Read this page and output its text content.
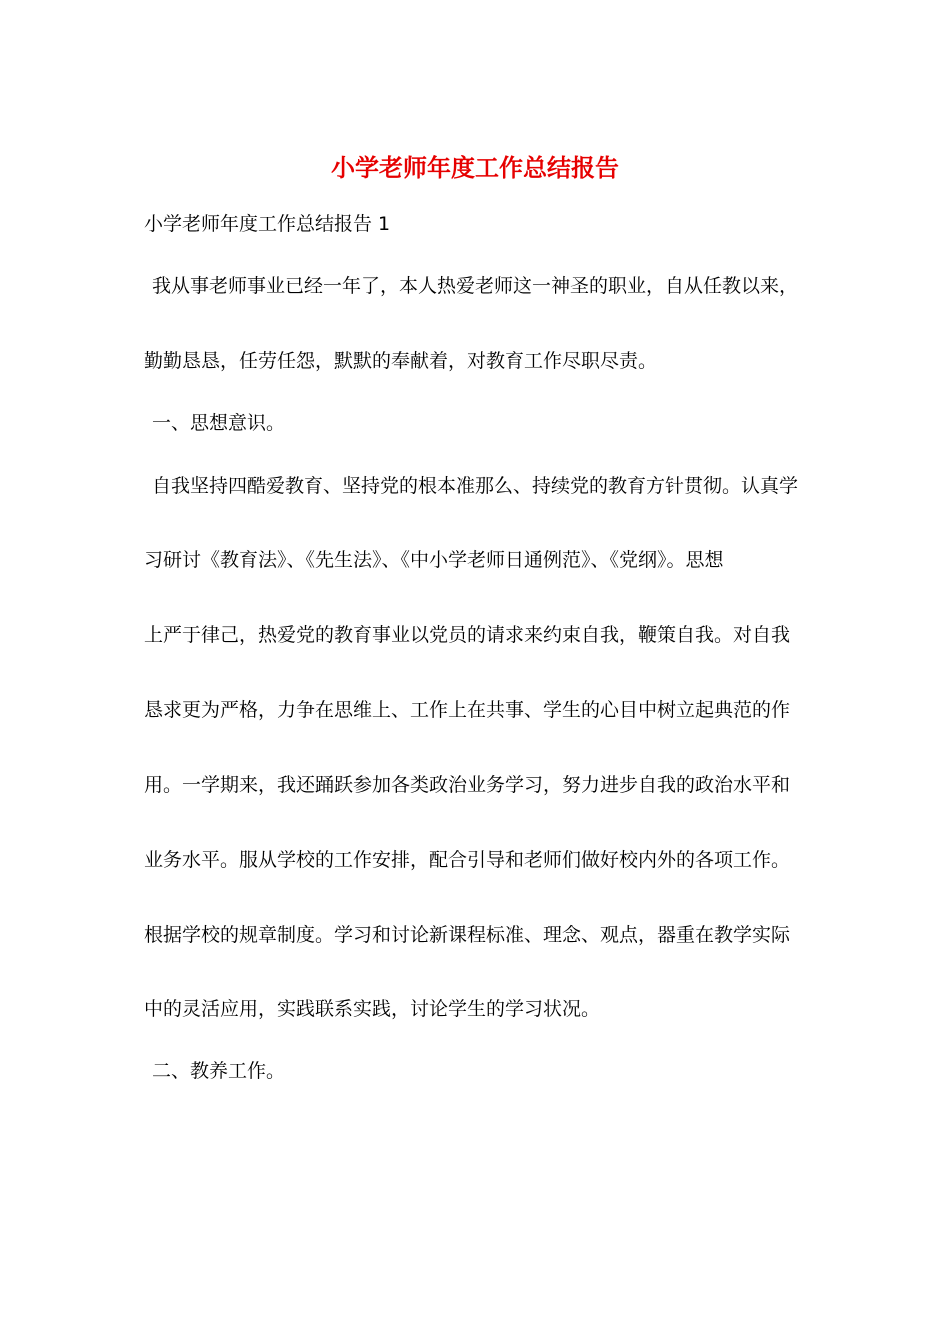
小学老师年度工作总结报告
小学老师年度工作总结报告 1
我从事老师事业已经一年了，本人热爱老师这一神圣的职业，自从任教以来，
勤勤恳恳，任劳任怨，默默的奉献着，对教育工作尽职尽责。
一、思想意识。
自我坚持四酷爱教育、坚持党的根本准那么、持续党的教育方针贯彻。认真学
习研讨《教育法》、《先生法》、《中小学老师日通例范》、《党纲》。思想
上严于律己，热爱党的教育事业以党员的请求来约束自我，鞭策自我。对自我
恳求更为严格，力争在思维上、工作上在共事、学生的心目中树立起典范的作
用。一学期来，我还踊跃参加各类政治业务学习，努力进步自我的政治水平和
业务水平。服从学校的工作安排，配合引导和老师们做好校内外的各项工作。
根据学校的规章制度。学习和讨论新课程标准、理念、观点，器重在教学实际
中的灵活应用，实践联系实践，讨论学生的学习状况。
二、教养工作。
